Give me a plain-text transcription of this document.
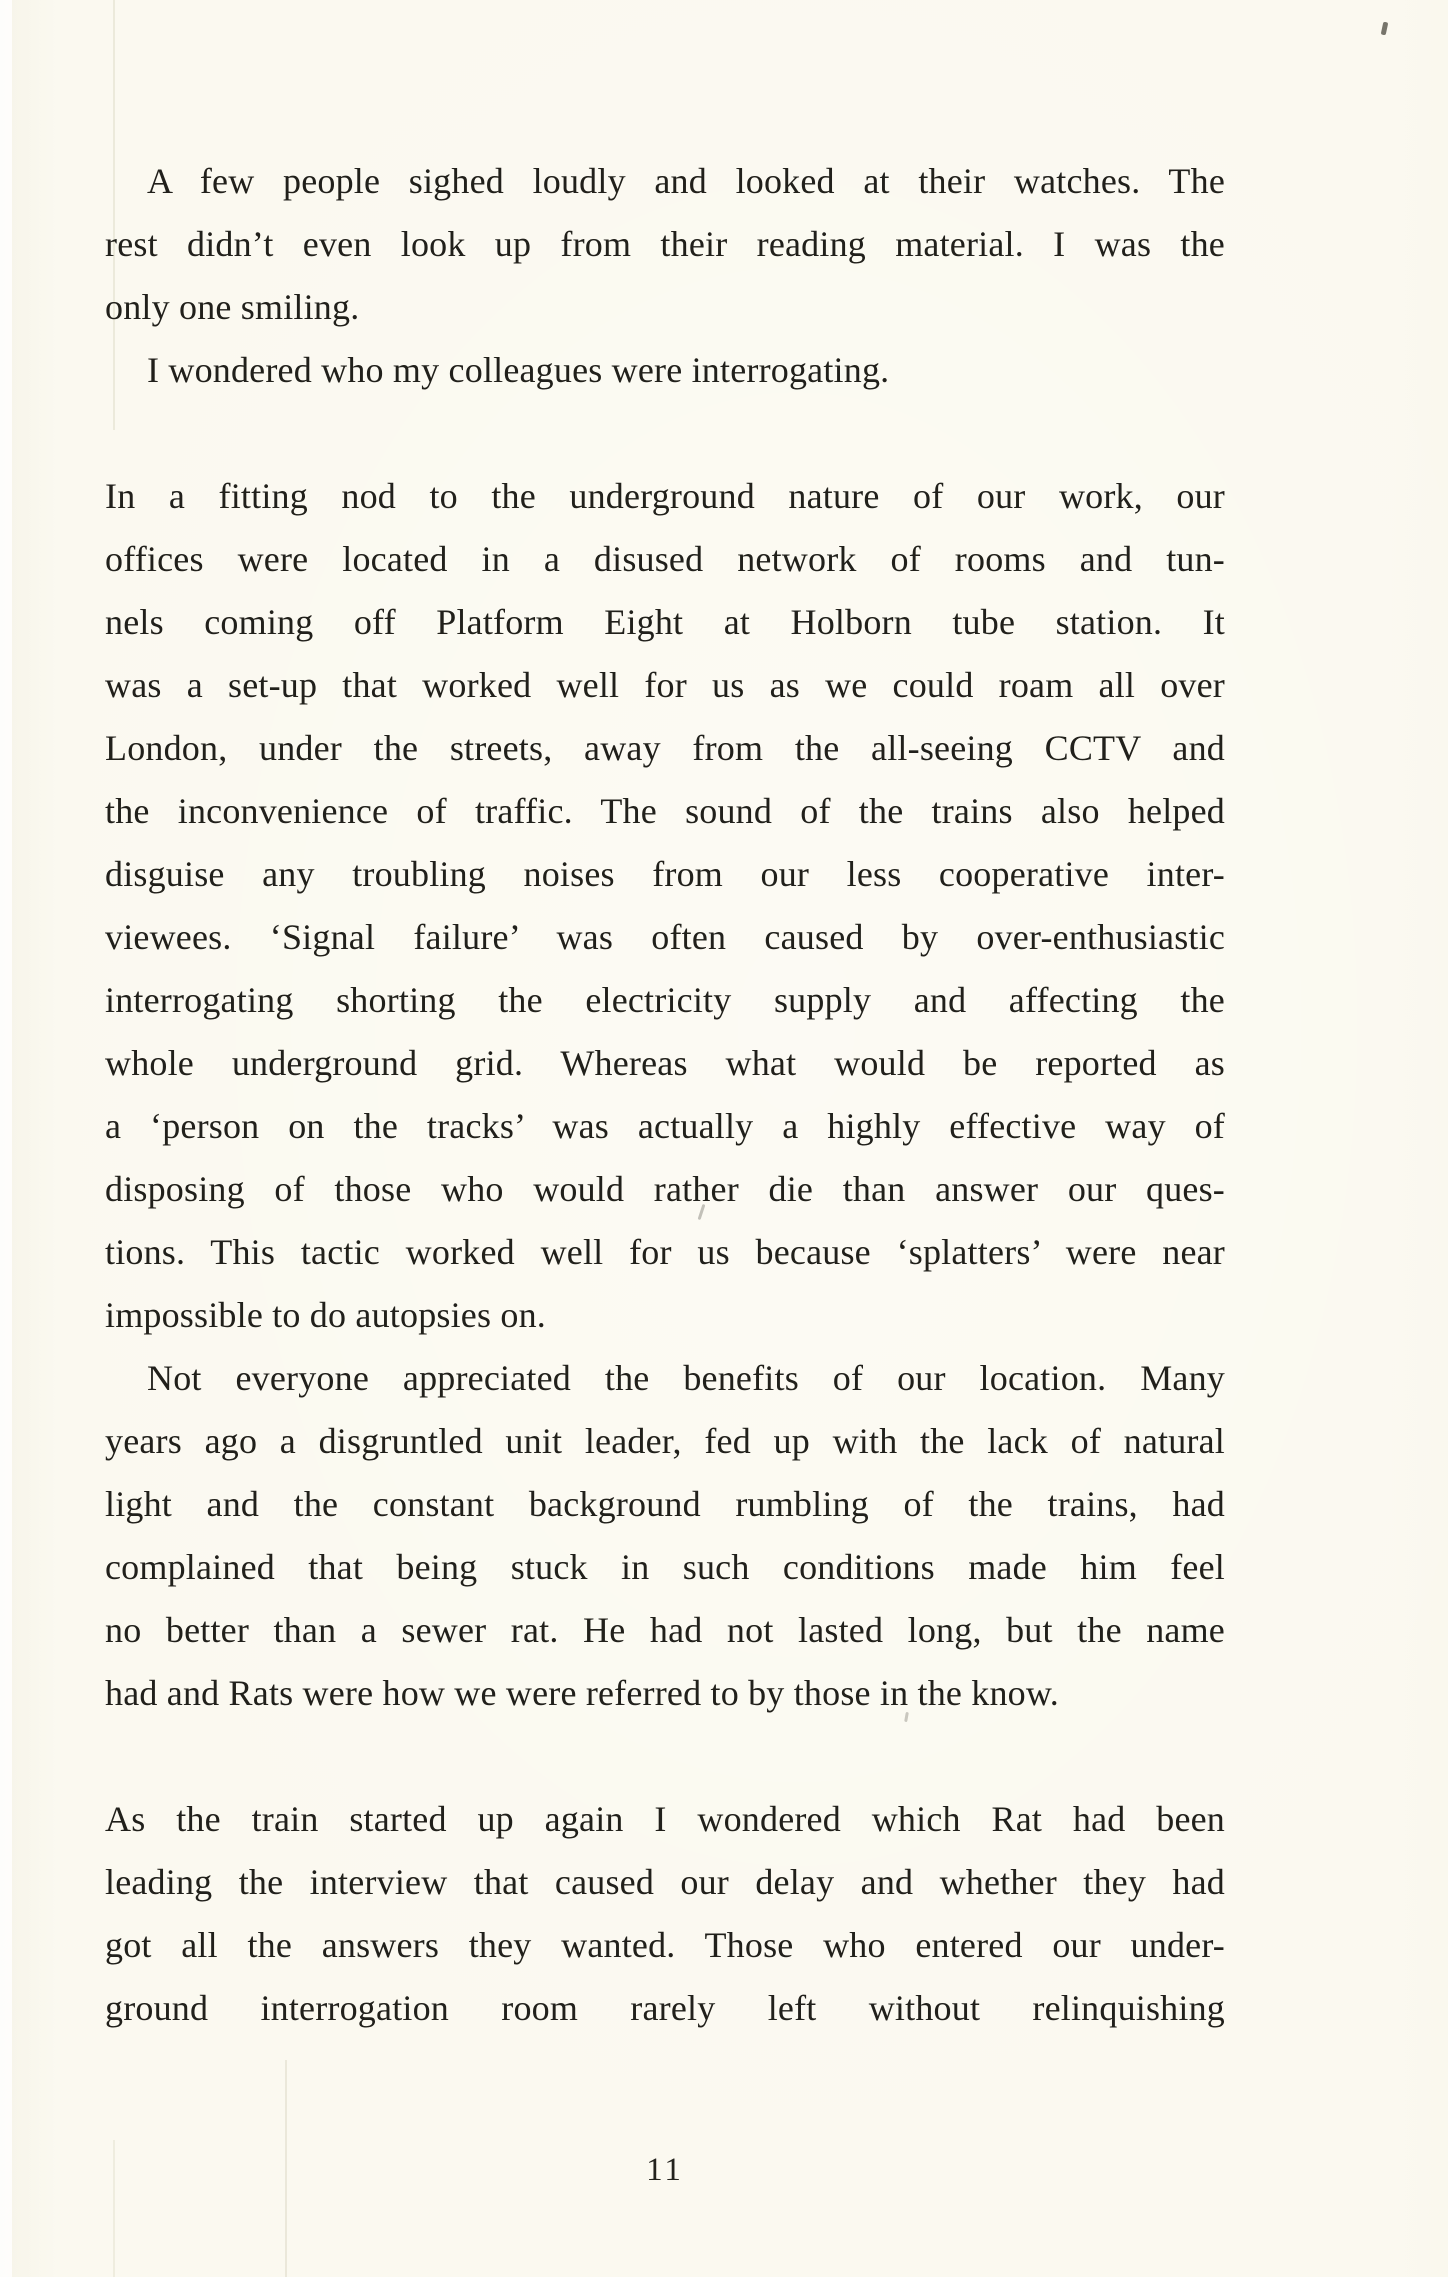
A few people sighed loudly and looked at their watches. The
rest didn’t even look up from their reading material. I was the
only one smiling.
I wondered who my colleagues were interrogating.
In a fitting nod to the underground nature of our work, our
offices were located in a disused network of rooms and tun-
nels coming off Platform Eight at Holborn tube station. It
was a set-up that worked well for us as we could roam all over
London, under the streets, away from the all-seeing CCTV and
the inconvenience of traffic. The sound of the trains also helped
disguise any troubling noises from our less cooperative inter-
viewees. ‘Signal failure’ was often caused by over-enthusiastic
interrogating shorting the electricity supply and affecting the
whole underground grid. Whereas what would be reported as
a ‘person on the tracks’ was actually a highly effective way of
disposing of those who would rather die than answer our ques-
tions. This tactic worked well for us because ‘splatters’ were near
impossible to do autopsies on.
Not everyone appreciated the benefits of our location. Many
years ago a disgruntled unit leader, fed up with the lack of natural
light and the constant background rumbling of the trains, had
complained that being stuck in such conditions made him feel
no better than a sewer rat. He had not lasted long, but the name
had and Rats were how we were referred to by those in the know.
As the train started up again I wondered which Rat had been
leading the interview that caused our delay and whether they had
got all the answers they wanted. Those who entered our under-
ground interrogation room rarely left without relinquishing
11
